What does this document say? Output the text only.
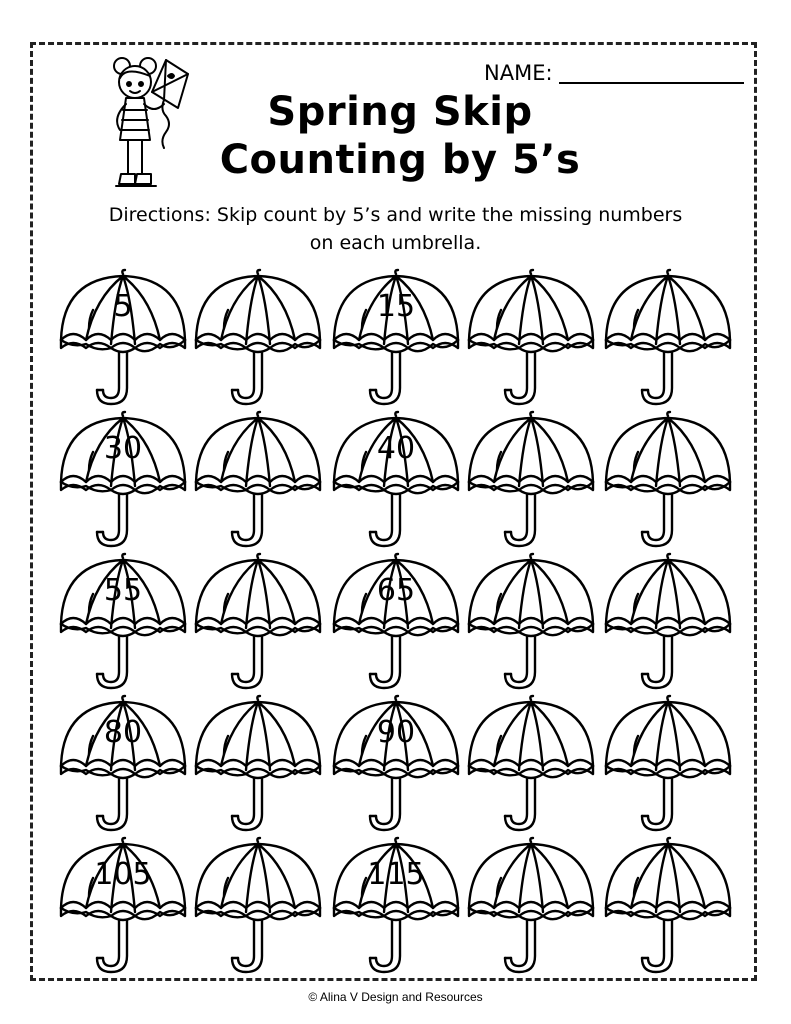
NAME:
Spring Skip
Counting by 5’s
Directions: Skip count by 5’s and write the missing numbers
on each umbrella.
5	15
30	40
55	65
80	90
105	115
© Alina V Design and Resources
